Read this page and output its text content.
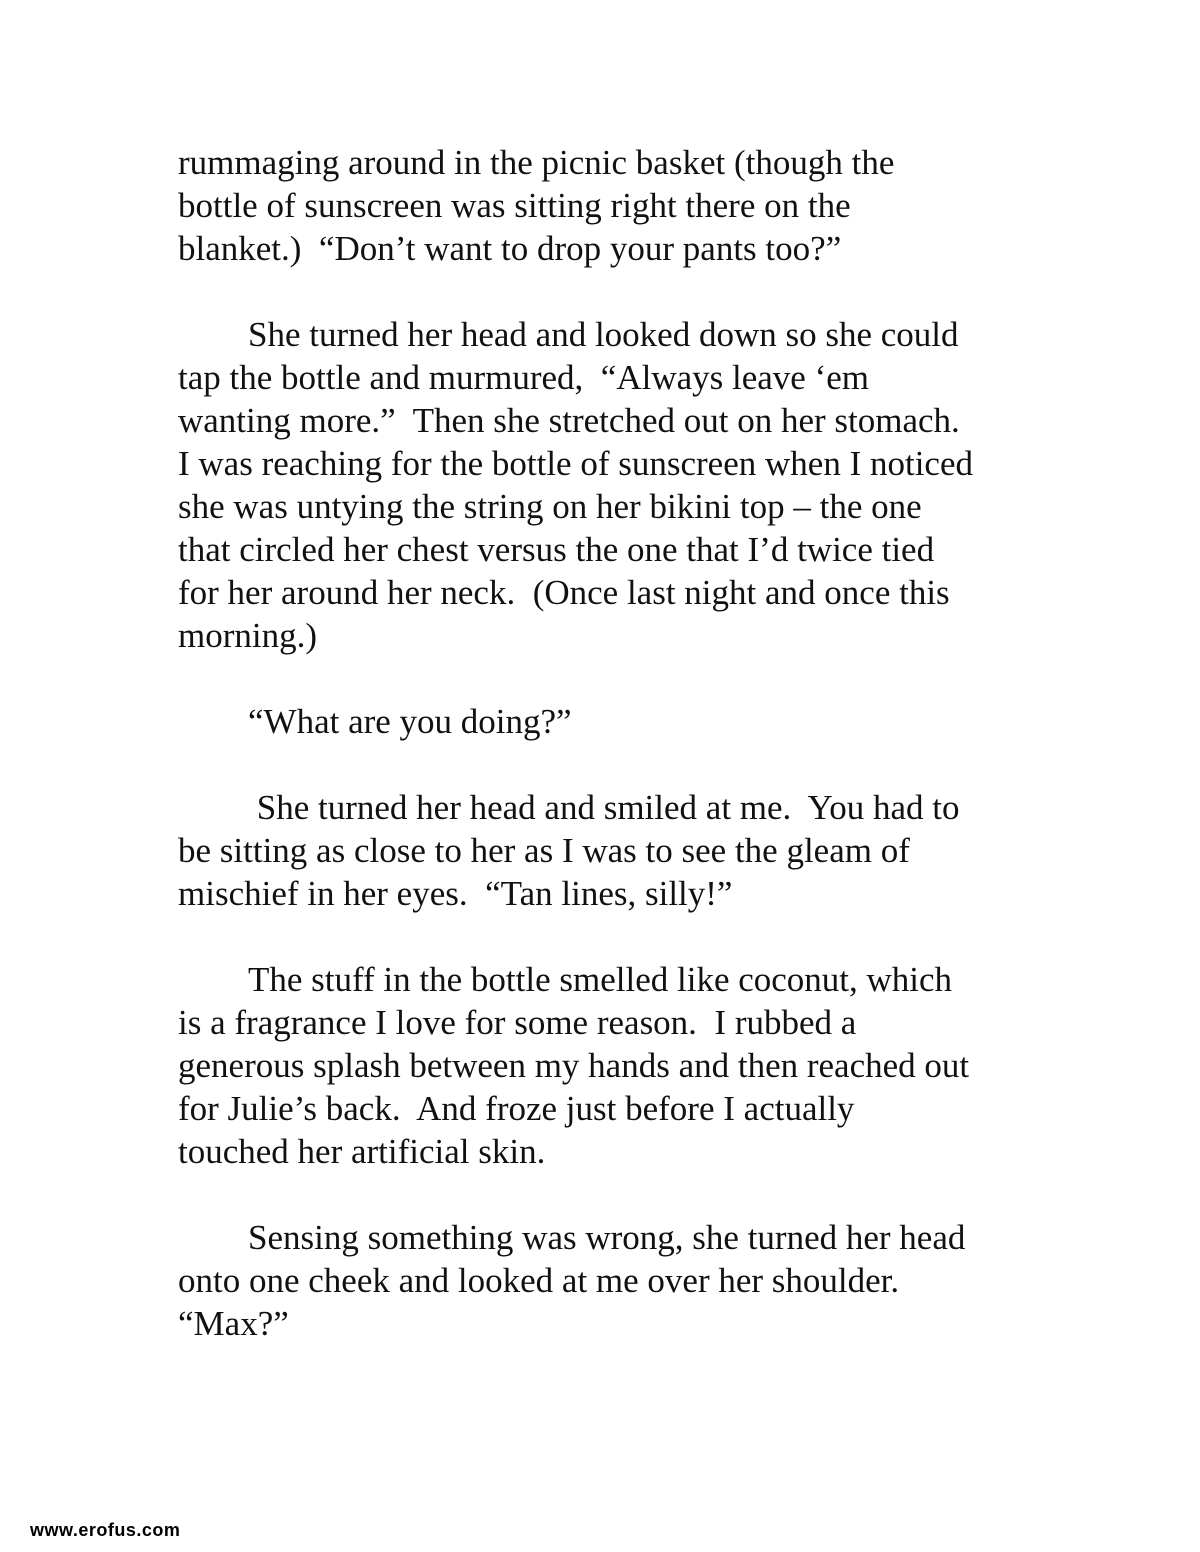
rummaging around in the picnic basket (though the
bottle of sunscreen was sitting right there on the
blanket.)  “Don’t want to drop your pants too?”
She turned her head and looked down so she could
tap the bottle and murmured,  “Always leave ‘em
wanting more.”  Then she stretched out on her stomach.
I was reaching for the bottle of sunscreen when I noticed
she was untying the string on her bikini top – the one
that circled her chest versus the one that I’d twice tied
for her around her neck.  (Once last night and once this
morning.)
“What are you doing?”
She turned her head and smiled at me.  You had to
be sitting as close to her as I was to see the gleam of
mischief in her eyes.  “Tan lines, silly!”
The stuff in the bottle smelled like coconut, which
is a fragrance I love for some reason.  I rubbed a
generous splash between my hands and then reached out
for Julie’s back.  And froze just before I actually
touched her artificial skin.
Sensing something was wrong, she turned her head
onto one cheek and looked at me over her shoulder.
“Max?”
www.erofus.com
